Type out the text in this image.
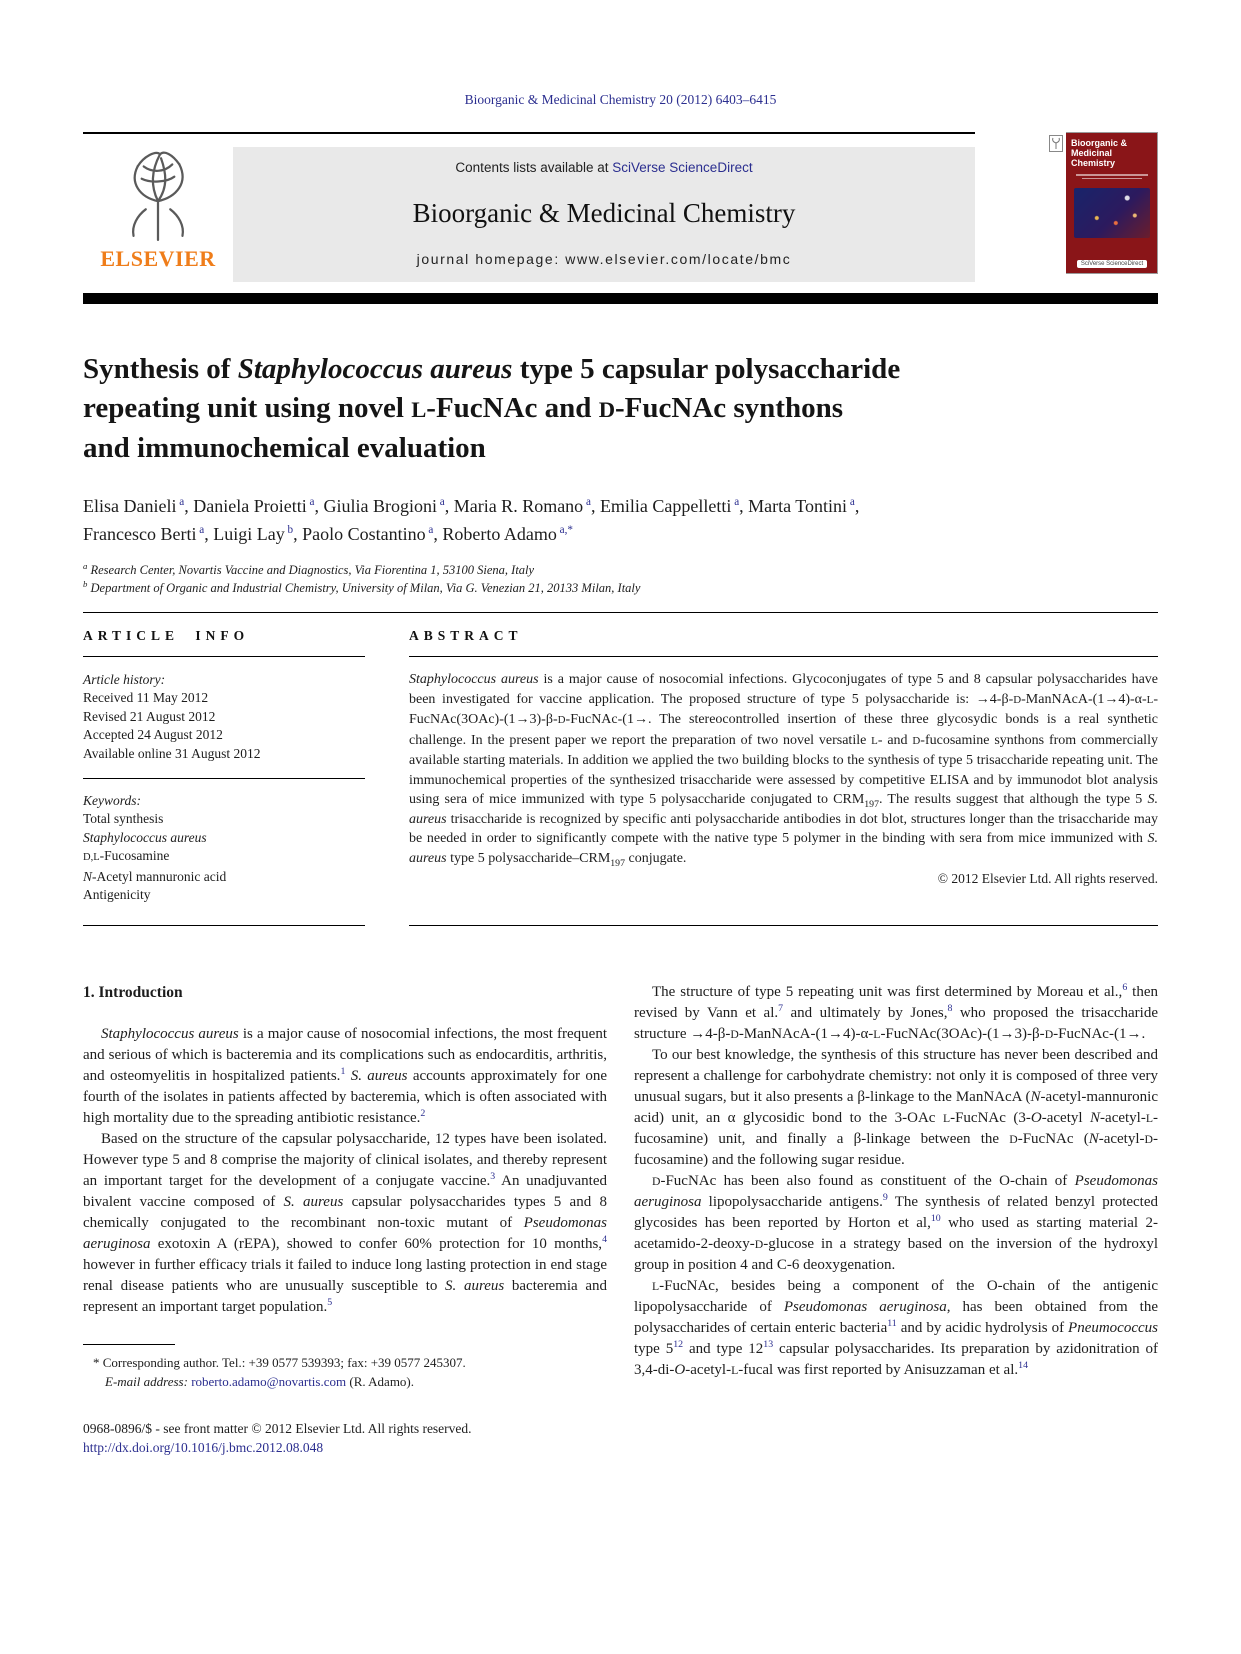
Bioorganic & Medicinal Chemistry 20 (2012) 6403–6415
ELSEVIER
Contents lists available at SciVerse ScienceDirect
Bioorganic & Medicinal Chemistry
journal homepage: www.elsevier.com/locate/bmc
Bioorganic & Medicinal Chemistry
SciVerse ScienceDirect
Synthesis of Staphylococcus aureus type 5 capsular polysaccharide
repeating unit using novel L-FucNAc and D-FucNAc synthons
and immunochemical evaluation
Elisa Danieli $^a$, Daniela Proietti $^a$, Giulia Brogioni $^a$, Maria R. Romano $^a$, Emilia Cappelletti $^a$, Marta Tontini $^a$,
Francesco Berti $^a$, Luigi Lay $^b$, Paolo Costantino $^a$, Roberto Adamo $^{a,*}$
$^a$ Research Center, Novartis Vaccine and Diagnostics, Via Fiorentina 1, 53100 Siena, Italy
$^b$ Department of Organic and Industrial Chemistry, University of Milan, Via G. Venezian 21, 20133 Milan, Italy
ARTICLE INFO
Article history:
Received 11 May 2012
Revised 21 August 2012
Accepted 24 August 2012
Available online 31 August 2012
Keywords:
Total synthesis
Staphylococcus aureus
D,L-Fucosamine
N-Acetyl mannuronic acid
Antigenicity
ABSTRACT
Staphylococcus aureus is a major cause of nosocomial infections. Glycoconjugates of type 5 and 8 capsular polysaccharides have been investigated for vaccine application. The proposed structure of type 5 polysaccharide is: →4-β-D-ManNAcA-(1→4)-α-L-FucNAc(3OAc)-(1→3)-β-D-FucNAc-(1→. The stereocontrolled insertion of these three glycosydic bonds is a real synthetic challenge. In the present paper we report the preparation of two novel versatile L- and D-fucosamine synthons from commercially available starting materials. In addition we applied the two building blocks to the synthesis of type 5 trisaccharide repeating unit. The immunochemical properties of the synthesized trisaccharide were assessed by competitive ELISA and by immunodot blot analysis using sera of mice immunized with type 5 polysaccharide conjugated to $CRM_{197}$. The results suggest that although the type 5 S. aureus trisaccharide is recognized by specific anti polysaccharide antibodies in dot blot, structures longer than the trisaccharide may be needed in order to significantly compete with the native type 5 polymer in the binding with sera from mice immunized with S. aureus type 5 polysaccharide–$CRM_{197}$ conjugate.
© 2012 Elsevier Ltd. All rights reserved.
1. Introduction

Staphylococcus aureus is a major cause of nosocomial infections, the most frequent and serious of which is bacteremia and its complications such as endocarditis, arthritis, and osteomyelitis in hospitalized patients.$^1$ S. aureus accounts approximately for one fourth of the isolates in patients affected by bacteremia, which is often associated with high mortality due to the spreading antibiotic resistance.$^2$

Based on the structure of the capsular polysaccharide, 12 types have been isolated. However type 5 and 8 comprise the majority of clinical isolates, and thereby represent an important target for the development of a conjugate vaccine.$^3$ An unadjuvanted bivalent vaccine composed of S. aureus capsular polysaccharides types 5 and 8 chemically conjugated to the recombinant non-toxic mutant of Pseudomonas aeruginosa exotoxin A (rEPA), showed to confer 60% protection for 10 months,$^4$ however in further efficacy trials it failed to induce long lasting protection in end stage renal disease patients who are unusually susceptible to S. aureus bacteremia and represent an important target population.$^5$

* Corresponding author. Tel.: +39 0577 539393; fax: +39 0577 245307.
E-mail address: roberto.adamo@novartis.com (R. Adamo).
0968-0896/$ - see front matter © 2012 Elsevier Ltd. All rights reserved.
http://dx.doi.org/10.1016/j.bmc.2012.08.048

The structure of type 5 repeating unit was first determined by Moreau et al.,$^6$ then revised by Vann et al.$^7$ and ultimately by Jones,$^8$ who proposed the trisaccharide structure →4-β-D-ManNAcA-(1→4)-α-L-FucNAc(3OAc)-(1→3)-β-D-FucNAc-(1→.

To our best knowledge, the synthesis of this structure has never been described and represent a challenge for carbohydrate chemistry: not only it is composed of three very unusual sugars, but it also presents a β-linkage to the ManNAcA (N-acetyl-mannuronic acid) unit, an α glycosidic bond to the 3-OAc L-FucNAc (3-O-acetyl N-acetyl-L-fucosamine) unit, and finally a β-linkage between the D-FucNAc (N-acetyl-D-fucosamine) and the following sugar residue.

D-FucNAc has been also found as constituent of the O-chain of Pseudomonas aeruginosa lipopolysaccharide antigens.$^9$ The synthesis of related benzyl protected glycosides has been reported by Horton et al,$^{10}$ who used as starting material 2-acetamido-2-deoxy-D-glucose in a strategy based on the inversion of the hydroxyl group in position 4 and C-6 deoxygenation.

L-FucNAc, besides being a component of the O-chain of the antigenic lipopolysaccharide of Pseudomonas aeruginosa, has been obtained from the polysaccharides of certain enteric bacteria$^{11}$ and by acidic hydrolysis of Pneumococcus type $5^{12}$ and type $12^{13}$ capsular polysaccharides. Its preparation by azidonitration of 3,4-di-O-acetyl-L-fucal was first reported by Anisuzzaman et al.$^{14}$
